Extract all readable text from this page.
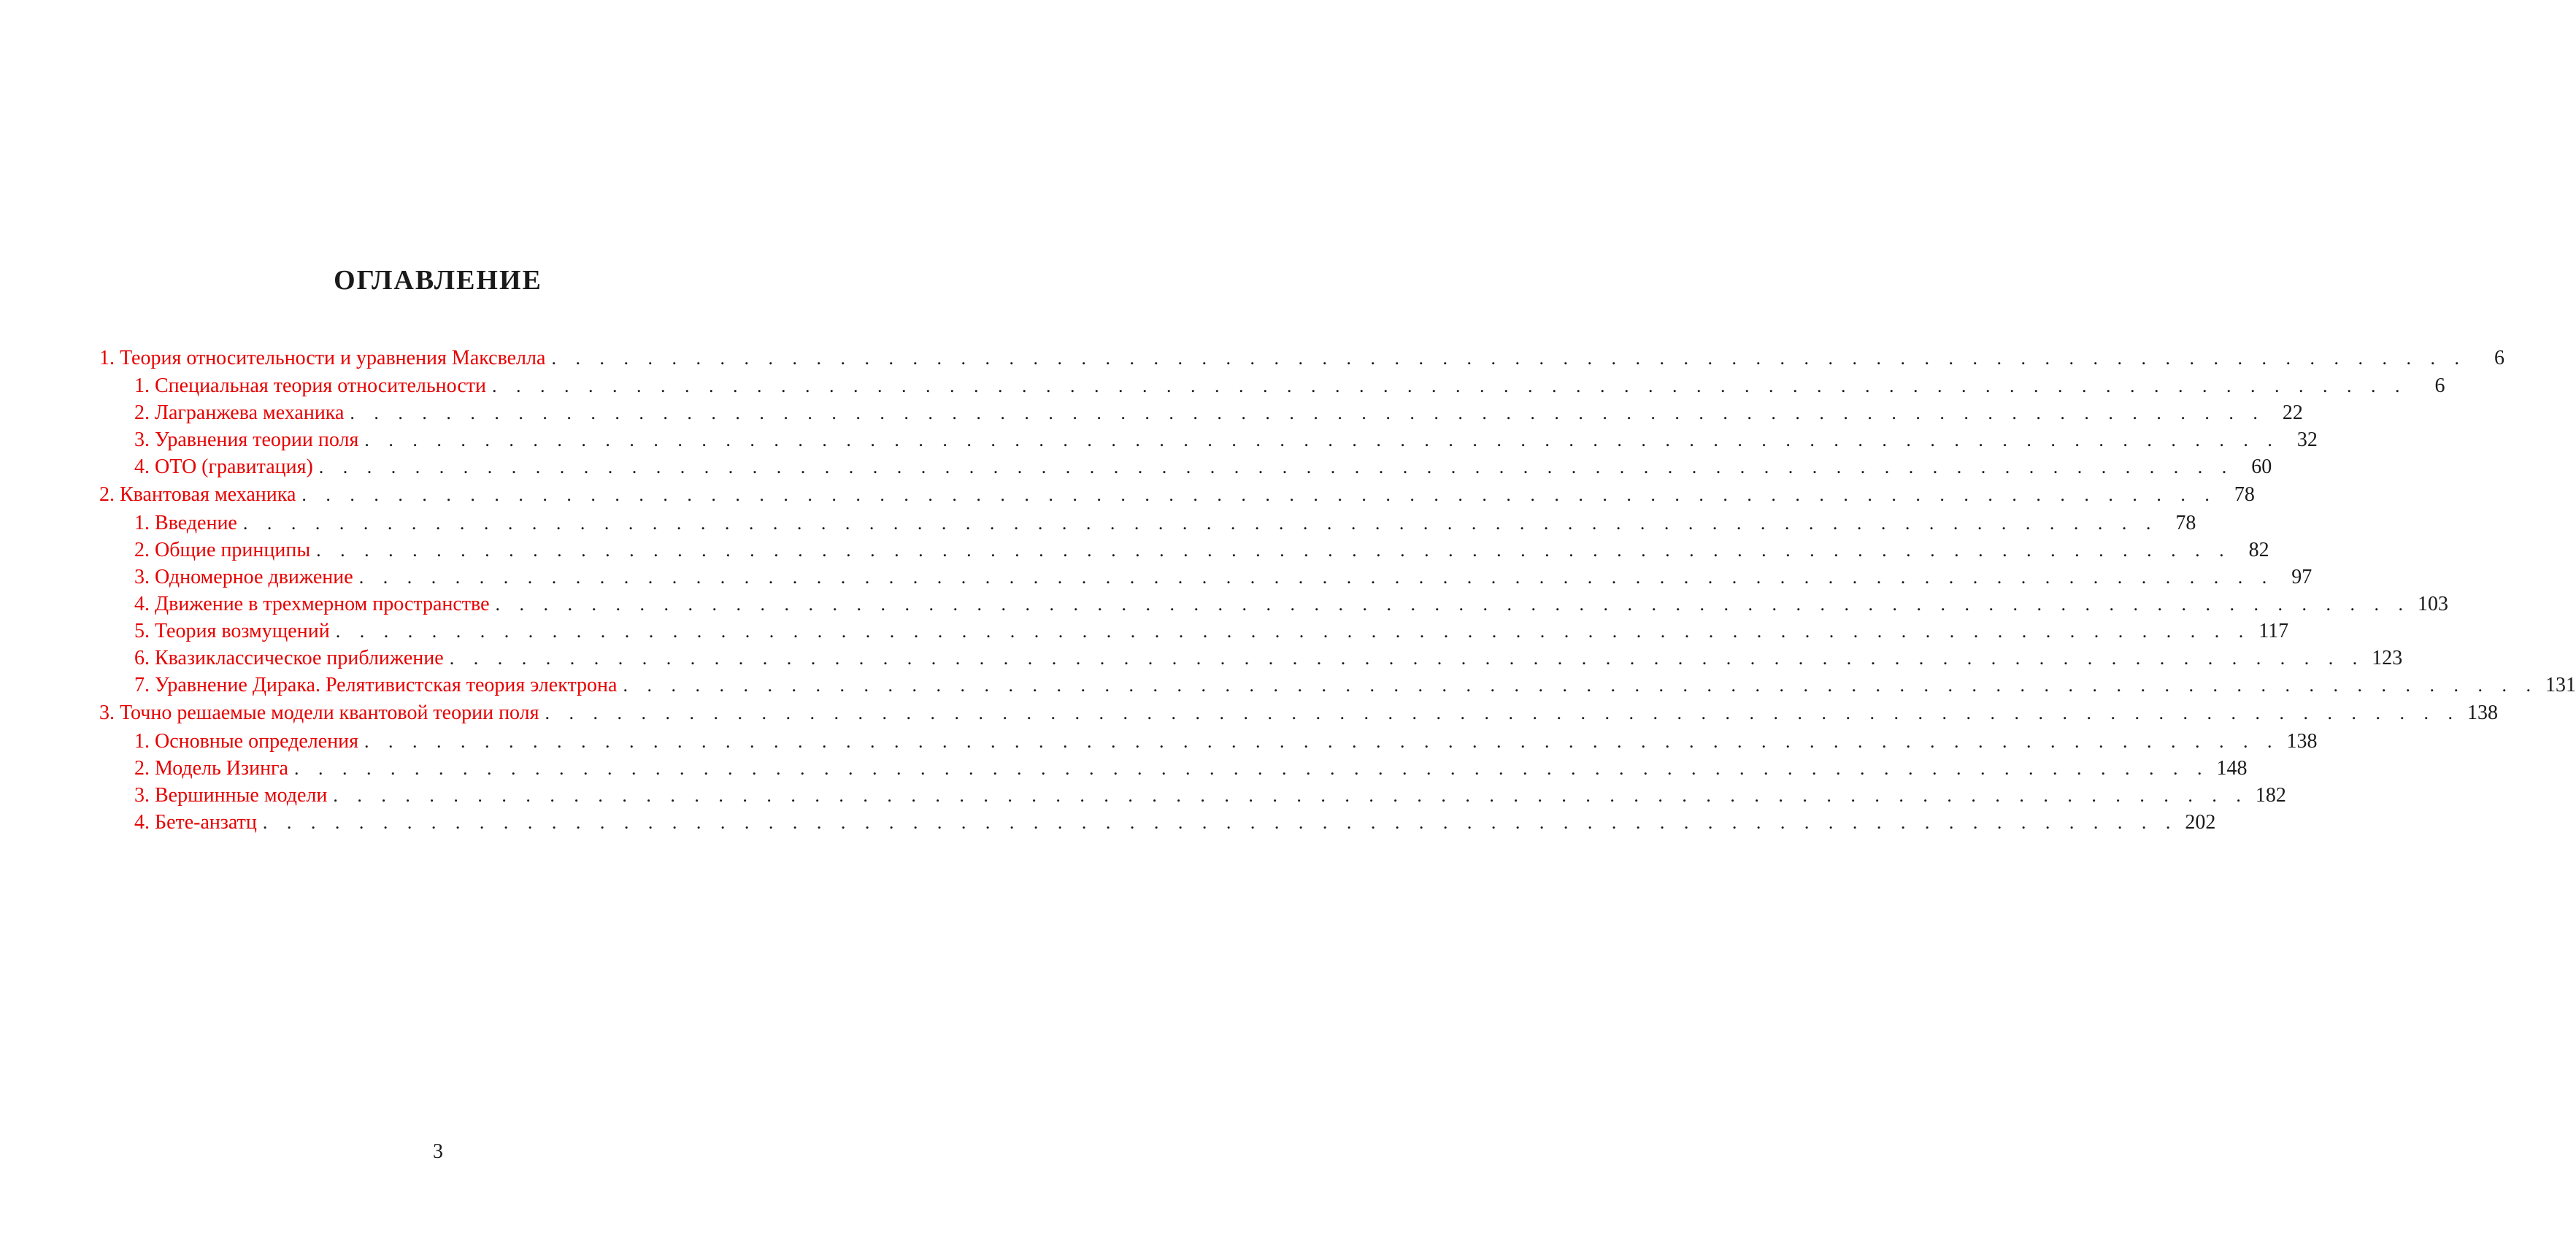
ОГЛАВЛЕНИЕ
1. Теория относительности и уравнения Максвелла . . . . . . . . . . . . . . . . . . . . . . . . . . . . . . . . . . . . . . . . . . . . . . . . . . . . . . . . . . . . . . . . . . . . . . . . . . . . . . . .	6
1. Специальная теория относительности . . . . . . . . . . . . . . . . . . . . . . . . . . . . . . . . . . . . . . . . . . . . . . . . . . . . . . . . . . . . . . . . . . . . . . . . . . . . . . . .	6
2. Лагранжева механика . . . . . . . . . . . . . . . . . . . . . . . . . . . . . . . . . . . . . . . . . . . . . . . . . . . . . . . . . . . . . . . . . . . . . . . . . . . . . . . . 22
3. Уравнения теории поля . . . . . . . . . . . . . . . . . . . . . . . . . . . . . . . . . . . . . . . . . . . . . . . . . . . . . . . . . . . . . . . . . . . . . . . . . . . . . . . . 32
4. ОТО (гравитация) . . . . . . . . . . . . . . . . . . . . . . . . . . . . . . . . . . . . . . . . . . . . . . . . . . . . . . . . . . . . . . . . . . . . . . . . . . . . . . . . 60
2. Квантовая механика . . . . . . . . . . . . . . . . . . . . . . . . . . . . . . . . . . . . . . . . . . . . . . . . . . . . . . . . . . . . . . . . . . . . . . . . . . . . . . . . 78
1. Введение . . . . . . . . . . . . . . . . . . . . . . . . . . . . . . . . . . . . . . . . . . . . . . . . . . . . . . . . . . . . . . . . . . . . . . . . . . . . . . . . 78
2. Общие принципы . . . . . . . . . . . . . . . . . . . . . . . . . . . . . . . . . . . . . . . . . . . . . . . . . . . . . . . . . . . . . . . . . . . . . . . . . . . . . . . . 82
3. Одномерное движение . . . . . . . . . . . . . . . . . . . . . . . . . . . . . . . . . . . . . . . . . . . . . . . . . . . . . . . . . . . . . . . . . . . . . . . . . . . . . . . . 97
4. Движение в трехмерном пространстве . . . . . . . . . . . . . . . . . . . . . . . . . . . . . . . . . . . . . . . . . . . . . . . . . . . . . . . . . . . . . . . . . . . . . . . . . . . . . . . . 103
5. Теория возмущений . . . . . . . . . . . . . . . . . . . . . . . . . . . . . . . . . . . . . . . . . . . . . . . . . . . . . . . . . . . . . . . . . . . . . . . . . . . . . . . . 117
6. Квазиклассическое приближение . . . . . . . . . . . . . . . . . . . . . . . . . . . . . . . . . . . . . . . . . . . . . . . . . . . . . . . . . . . . . . . . . . . . . . . . . . . . . . . . 123
7. Уравнение Дирака. Релятивистская теория электрона . . . . . . . . . . . . . . . . . . . . . . . . . . . . . . . . . . . . . . . . . . . . . . . . . . . . . . . . . . . . . . . . . . . . . . . . . . . . . . . . 131
3. Точно решаемые модели квантовой теории поля . . . . . . . . . . . . . . . . . . . . . . . . . . . . . . . . . . . . . . . . . . . . . . . . . . . . . . . . . . . . . . . . . . . . . . . . . . . . . . . . 138
1. Основные определения . . . . . . . . . . . . . . . . . . . . . . . . . . . . . . . . . . . . . . . . . . . . . . . . . . . . . . . . . . . . . . . . . . . . . . . . . . . . . . . . 138
2. Модель Изинга . . . . . . . . . . . . . . . . . . . . . . . . . . . . . . . . . . . . . . . . . . . . . . . . . . . . . . . . . . . . . . . . . . . . . . . . . . . . . . . . 148
3. Вершинные модели . . . . . . . . . . . . . . . . . . . . . . . . . . . . . . . . . . . . . . . . . . . . . . . . . . . . . . . . . . . . . . . . . . . . . . . . . . . . . . . . 182
4. Бете-анзатц . . . . . . . . . . . . . . . . . . . . . . . . . . . . . . . . . . . . . . . . . . . . . . . . . . . . . . . . . . . . . . . . . . . . . . . . . . . . . . . . 202
3
